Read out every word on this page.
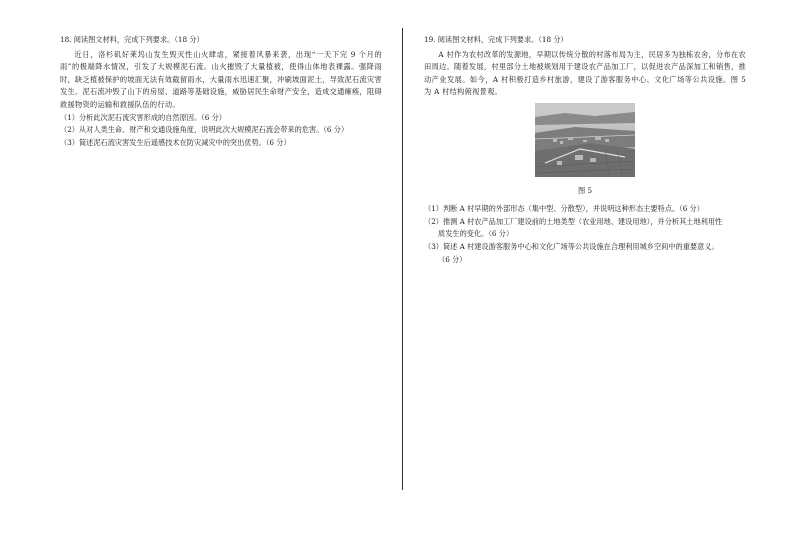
18. 阅读图文材料，完成下列要求。（18 分）

近日，洛杉矶好莱坞山发生毁灭性山火肆虐，紧接着风暴来袭，出现“一天下完 9 个月的雨”的极端降水情况，引发了大规模泥石流。山火摧毁了大量植被，使得山体地表裸露。强降雨时，缺乏植被保护的坡面无法有效截留雨水，大量雨水迅速汇聚，冲刷坡面泥土，导致泥石流灾害发生。泥石流冲毁了山下的房屋、道路等基础设施，威胁居民生命财产安全，造成交通瘫痪，阻碍救援物资的运输和救援队伍的行动。

（1）分析此次泥石流灾害形成的自然原因。（6 分）
（2）从对人类生命、财产和交通设施角度，说明此次大规模泥石流会带来的危害。（6 分）
（3）简述泥石流灾害发生后遥感技术在防灾减灾中的突出优势。（6 分）
19. 阅读图文材料，完成下列要求。（18 分）

A 村作为农村改革的发源地，早期以传统分散的村落布局为主，民居多为独栋农舍，分布在农田周边。随着发展，村里部分土地被规划用于建设农产品加工厂，以促进农产品深加工和销售，推动产业发展。如今，A 村积极打造乡村旅游，建设了游客服务中心、文化广场等公共设施。图 5 为 A 村结构俯视景观。

图 5
（1）判断 A 村早期的外部形态（集中型、分散型），并说明这种形态主要特点。（6 分）
（2）推测 A 村农产品加工厂建设前的土地类型（农业用地、建设用地），并分析其土地利用性
质发生的变化。（6 分）
（3）简述 A 村建设游客服务中心和文化广场等公共设施在合理利用城乡空间中的重要意义。
（6 分）
